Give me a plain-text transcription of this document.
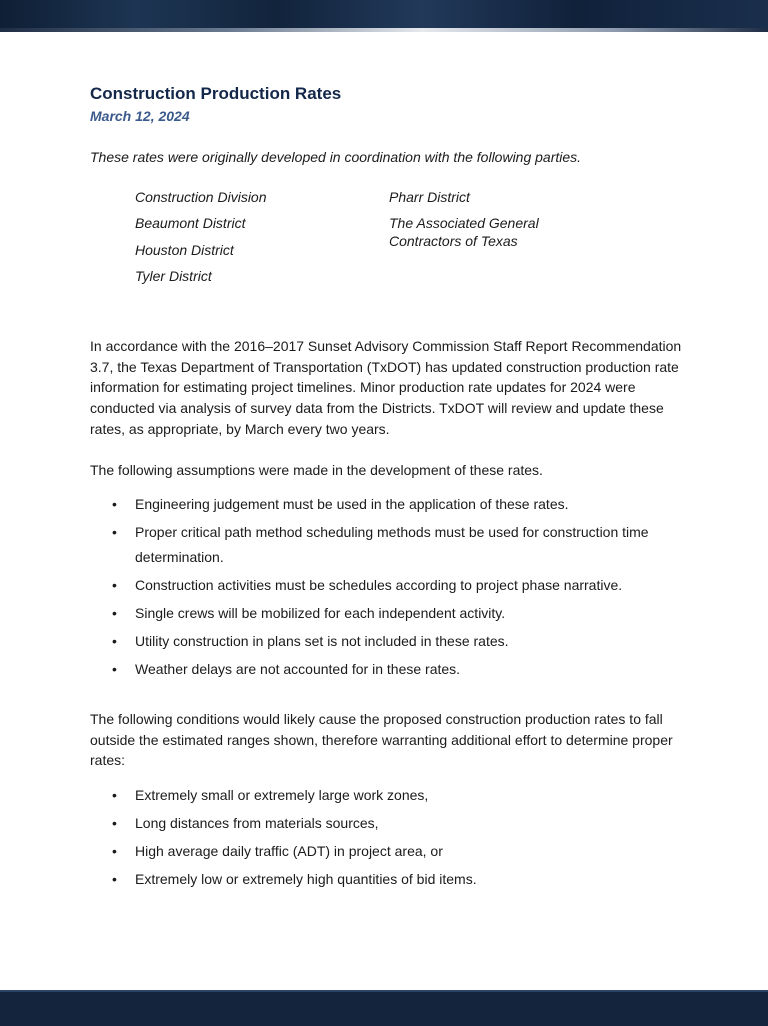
Construction Production Rates
March 12, 2024

These rates were originally developed in coordination with the following parties.

Construction Division
Beaumont District
Houston District
Tyler District
Pharr District
The Associated General Contractors of Texas

In accordance with the 2016–2017 Sunset Advisory Commission Staff Report Recommendation 3.7, the Texas Department of Transportation (TxDOT) has updated construction production rate information for estimating project timelines. Minor production rate updates for 2024 were conducted via analysis of survey data from the Districts. TxDOT will review and update these rates, as appropriate, by March every two years.

The following assumptions were made in the development of these rates.

• Engineering judgement must be used in the application of these rates.
• Proper critical path method scheduling methods must be used for construction time determination.
• Construction activities must be schedules according to project phase narrative.
• Single crews will be mobilized for each independent activity.
• Utility construction in plans set is not included in these rates.
• Weather delays are not accounted for in these rates.

The following conditions would likely cause the proposed construction production rates to fall outside the estimated ranges shown, therefore warranting additional effort to determine proper rates:

• Extremely small or extremely large work zones,
• Long distances from materials sources,
• High average daily traffic (ADT) in project area, or
• Extremely low or extremely high quantities of bid items.
